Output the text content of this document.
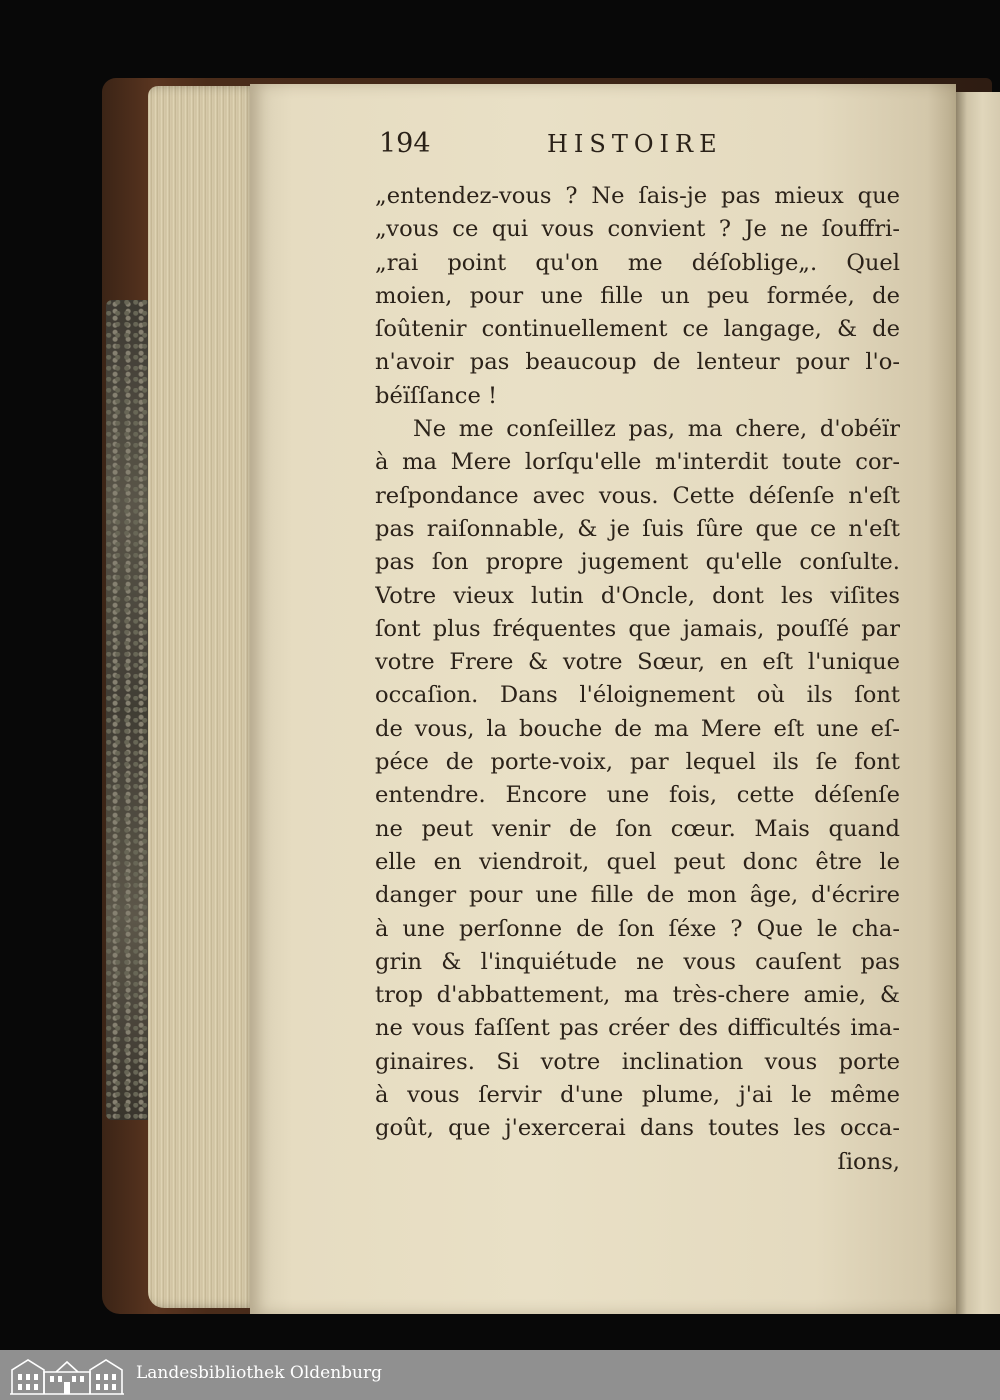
194	HISTOIRE
„entendez-vous ? Ne ſais-je pas mieux que
„vous ce qui vous convient ? Je ne ſouffri-
„rai point qu'on me déſoblige„. Quel
moien, pour une fille un peu formée, de
ſoûtenir continuellement ce langage, & de
n'avoir pas beaucoup de lenteur pour l'o-
béïſſance !
Ne me conſeillez pas, ma chere, d'obéïr
à ma Mere lorſqu'elle m'interdit toute cor-
reſpondance avec vous. Cette déſenſe n'eſt
pas raiſonnable, & je ſuis ſûre que ce n'eſt
pas ſon propre jugement qu'elle conſulte.
Votre vieux lutin d'Oncle, dont les viſites
ſont plus fréquentes que jamais, pouſſé par
votre Frere & votre Sœur, en eſt l'unique
occaſion. Dans l'éloignement où ils ſont
de vous, la bouche de ma Mere eſt une eſ-
péce de porte-voix, par lequel ils ſe font
entendre. Encore une fois, cette déſenſe
ne peut venir de ſon cœur. Mais quand
elle en viendroit, quel peut donc être le
danger pour une fille de mon âge, d'écrire
à une perſonne de ſon ſéxe ? Que le cha-
grin & l'inquiétude ne vous cauſent pas
trop d'abbattement, ma très-chere amie, &
ne vous faſſent pas créer des difficultés ima-
ginaires. Si votre inclination vous porte
à vous ſervir d'une plume, j'ai le même
goût, que j'exercerai dans toutes les occa-
ſions,
Landesbibliothek Oldenburg
